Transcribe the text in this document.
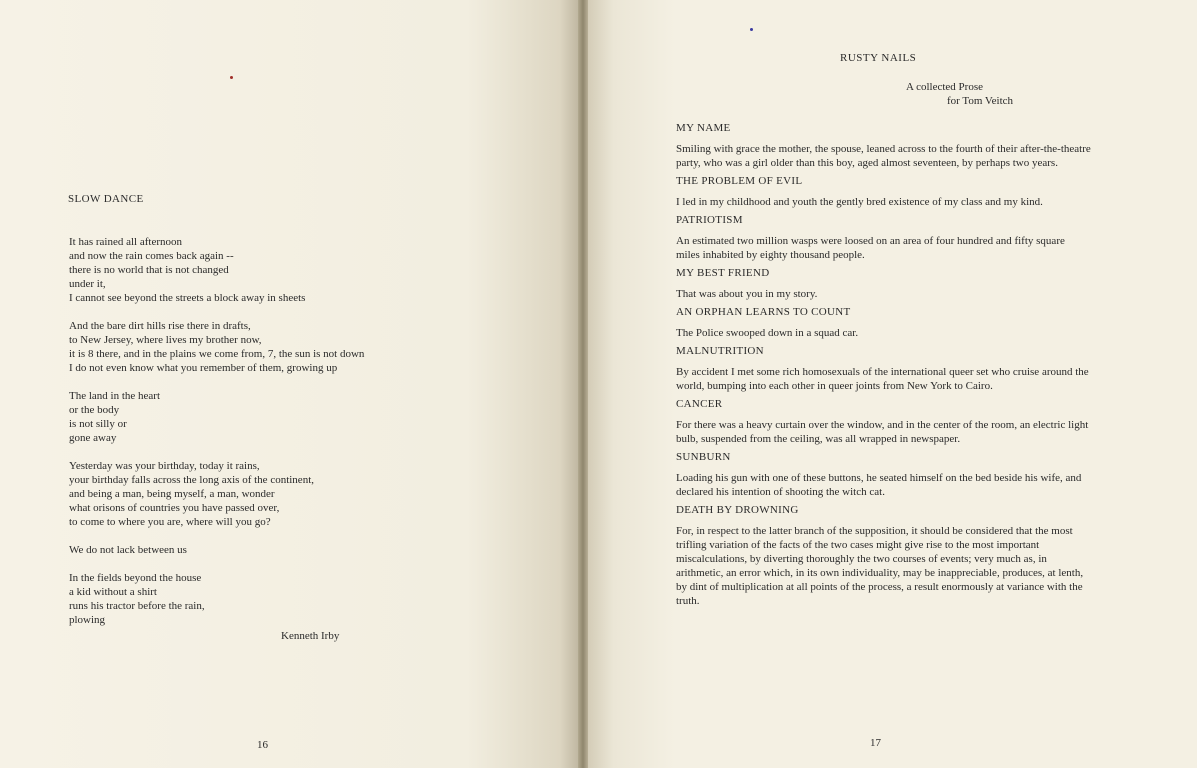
SLOW DANCE
It has rained all afternoon
and now the rain comes back again --
there is no world that is not changed
under it,
I cannot see beyond the streets a block away in sheets
And the bare dirt hills rise there in drafts,
to New Jersey, where lives my brother now,
it is 8 there, and in the plains we come from, 7, the sun is not down
I do not even know what you remember of them, growing up
The land in the heart
or the body
is not silly or
gone away
Yesterday was your birthday, today it rains,
your birthday falls across the long axis of the continent,
and being a man, being myself, a man, wonder
what orisons of countries you have passed over,
to come to where you are, where will you go?
We do not lack between us
In the fields beyond the house
a kid without a shirt
runs his tractor before the rain,
plowing
Kenneth Irby
16
RUSTY NAILS
A collected Prose
for Tom Veitch
MY NAME
Smiling with grace the mother, the spouse, leaned across to the fourth of their after-the-theatre party, who was a girl older than this boy, aged almost seventeen, by perhaps two years.
THE PROBLEM OF EVIL
I led in my childhood and youth the gently bred existence of my class and my kind.
PATRIOTISM
An estimated two million wasps were loosed on an area of four hundred and fifty square miles inhabited by eighty thousand people.
MY BEST FRIEND
That was about you in my story.
AN ORPHAN LEARNS TO COUNT
The Police swooped down in a squad car.
MALNUTRITION
By accident I met some rich homosexuals of the international queer set who cruise around the world, bumping into each other in queer joints from New York to Cairo.
CANCER
For there was a heavy curtain over the window, and in the center of the room, an electric light bulb, suspended from the ceiling, was all wrapped in newspaper.
SUNBURN
Loading his gun with one of these buttons, he seated himself on the bed beside his wife, and declared his intention of shooting the witch cat.
DEATH BY DROWNING
For, in respect to the latter branch of the supposition, it should be considered that the most trifling variation of the facts of the two cases might give rise to the most important miscalculations, by diverting thoroughly the two courses of events; very much as, in arithmetic, an error which, in its own individuality, may be inappreciable, produces, at lenth, by dint of multiplication at all points of the process, a result enormously at variance with the truth.
17
